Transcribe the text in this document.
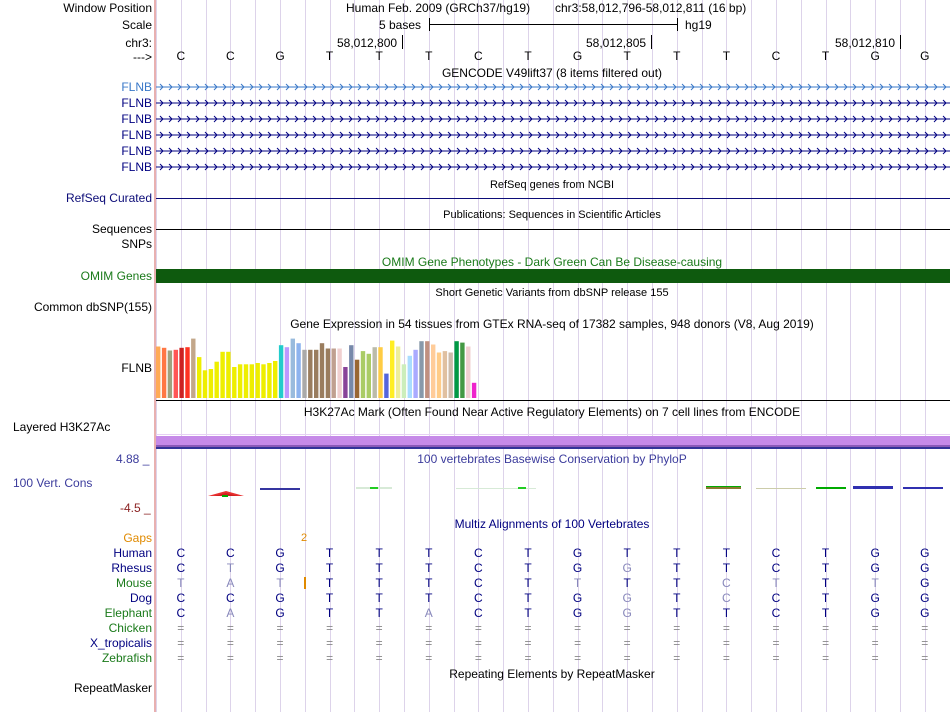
Window Position
Scale
chr3:
--->
Human Feb. 2009 (GRCh37/hg19) chr3:58,012,796-58,012,811 (16 bp)
5 bases	hg19
58,012,800	58,012,805	58,012,810
C	C	G	T	T	T	C	T	G	T	T	T	C	T	G	G
GENCODE V49lift37 (8 items filtered out)
FLNB
FLNB
FLNB
FLNB
FLNB
FLNB
RefSeq genes from NCBI
RefSeq Curated
Publications: Sequences in Scientific Articles
Sequences
SNPs
OMIM Gene Phenotypes - Dark Green Can Be Disease-causing
OMIM Genes
Short Genetic Variants from dbSNP release 155
Common dbSNP(155)
Gene Expression in 54 tissues from GTEx RNA-seq of 17382 samples, 948 donors (V8, Aug 2019)
FLNB
H3K27Ac Mark (Often Found Near Active Regulatory Elements) on 7 cell lines from ENCODE
Layered H3K27Ac
4.88 _	100 vertebrates Basewise Conservation by PhyloP
100 Vert. Cons
-4.5 _
Multiz Alignments of 100 Vertebrates
Gaps	2
Human	C	C	G	T	T	T	C	T	G	T	T	T	C	T	G	G
Rhesus	C	T	G	T	T	T	C	T	G	G	T	T	C	T	G	G
Mouse	T	A	T	T	T	T	C	T	T	T	T	C	T	T	T	G
Dog	C	C	G	T	T	T	C	T	G	G	T	C	C	T	G	G
Elephant	C	A	G	T	T	A	C	T	G	G	T	T	C	T	G	G
Chicken	=	=	=	=	=	=	=	=	=	=	=	=	=	=	=	=
X_tropicalis	=	=	=	=	=	=	=	=	=	=	=	=	=	=	=	=
Zebrafish	=	=	=	=	=	=	=	=	=	=	=	=	=	=	=	=
Repeating Elements by RepeatMasker
RepeatMasker
